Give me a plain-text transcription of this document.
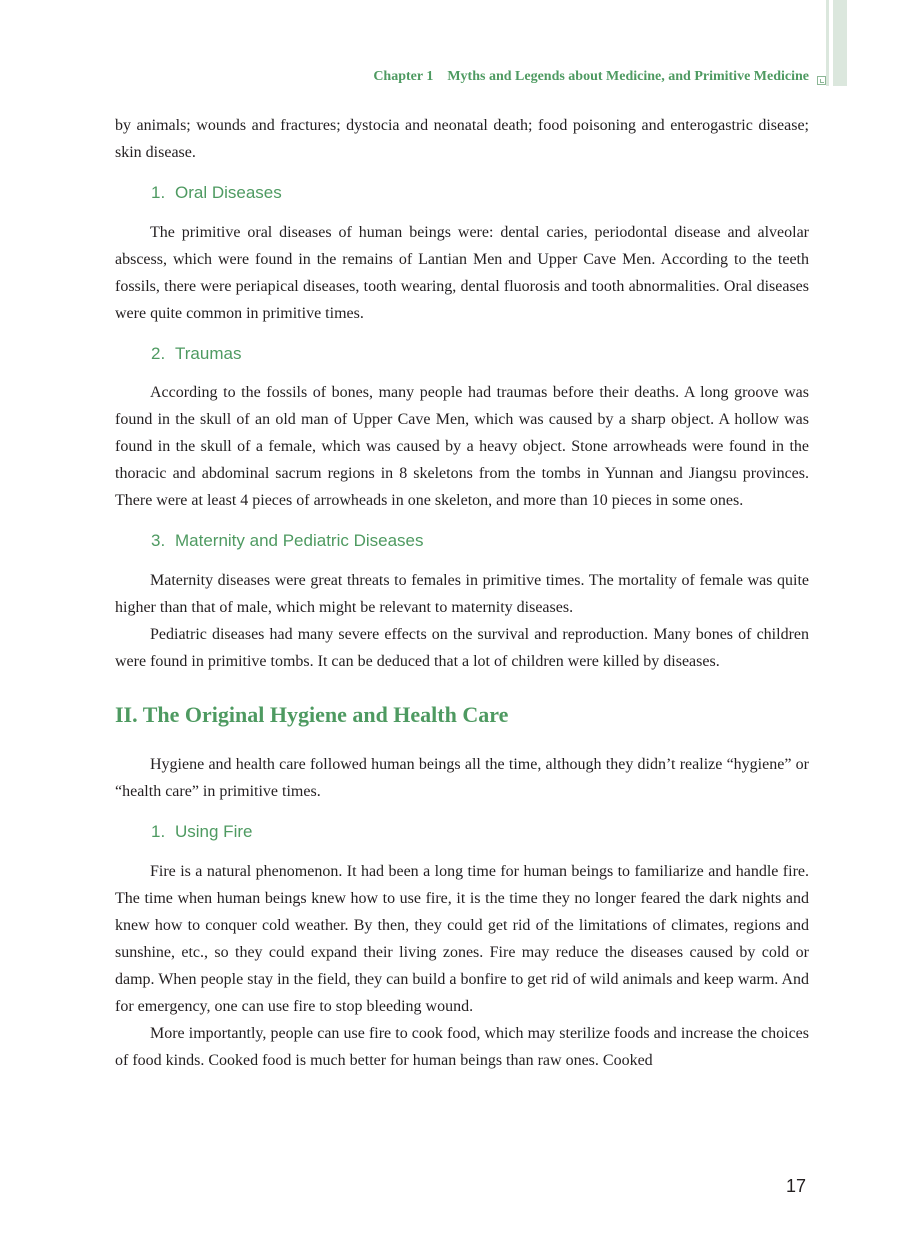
Chapter 1    Myths and Legends about Medicine, and Primitive Medicine

by animals; wounds and fractures; dystocia and neonatal death; food poisoning and enterogastric disease; skin disease.

1. Oral Diseases

The primitive oral diseases of human beings were: dental caries, periodontal disease and alveolar abscess, which were found in the remains of Lantian Men and Upper Cave Men. According to the teeth fossils, there were periapical diseases, tooth wearing, dental fluorosis and tooth abnormalities. Oral diseases were quite common in primitive times.

2. Traumas

According to the fossils of bones, many people had traumas before their deaths. A long groove was found in the skull of an old man of Upper Cave Men, which was caused by a sharp object. A hollow was found in the skull of a female, which was caused by a heavy object. Stone arrowheads were found in the thoracic and abdominal sacrum regions in 8 skeletons from the tombs in Yunnan and Jiangsu provinces. There were at least 4 pieces of arrowheads in one skeleton, and more than 10 pieces in some ones.

3. Maternity and Pediatric Diseases

Maternity diseases were great threats to females in primitive times. The mortality of female was quite higher than that of male, which might be relevant to maternity diseases.

Pediatric diseases had many severe effects on the survival and reproduction. Many bones of children were found in primitive tombs. It can be deduced that a lot of children were killed by diseases.

II. The Original Hygiene and Health Care

Hygiene and health care followed human beings all the time, although they didn’t realize “hygiene” or “health care” in primitive times.

1. Using Fire

Fire is a natural phenomenon. It had been a long time for human beings to familiarize and handle fire. The time when human beings knew how to use fire, it is the time they no longer feared the dark nights and knew how to conquer cold weather. By then, they could get rid of the limitations of climates, regions and sunshine, etc., so they could expand their living zones. Fire may reduce the diseases caused by cold or damp. When people stay in the field, they can build a bonfire to get rid of wild animals and keep warm. And for emergency, one can use fire to stop bleeding wound.

More importantly, people can use fire to cook food, which may sterilize foods and increase the choices of food kinds. Cooked food is much better for human beings than raw ones. Cooked

17
